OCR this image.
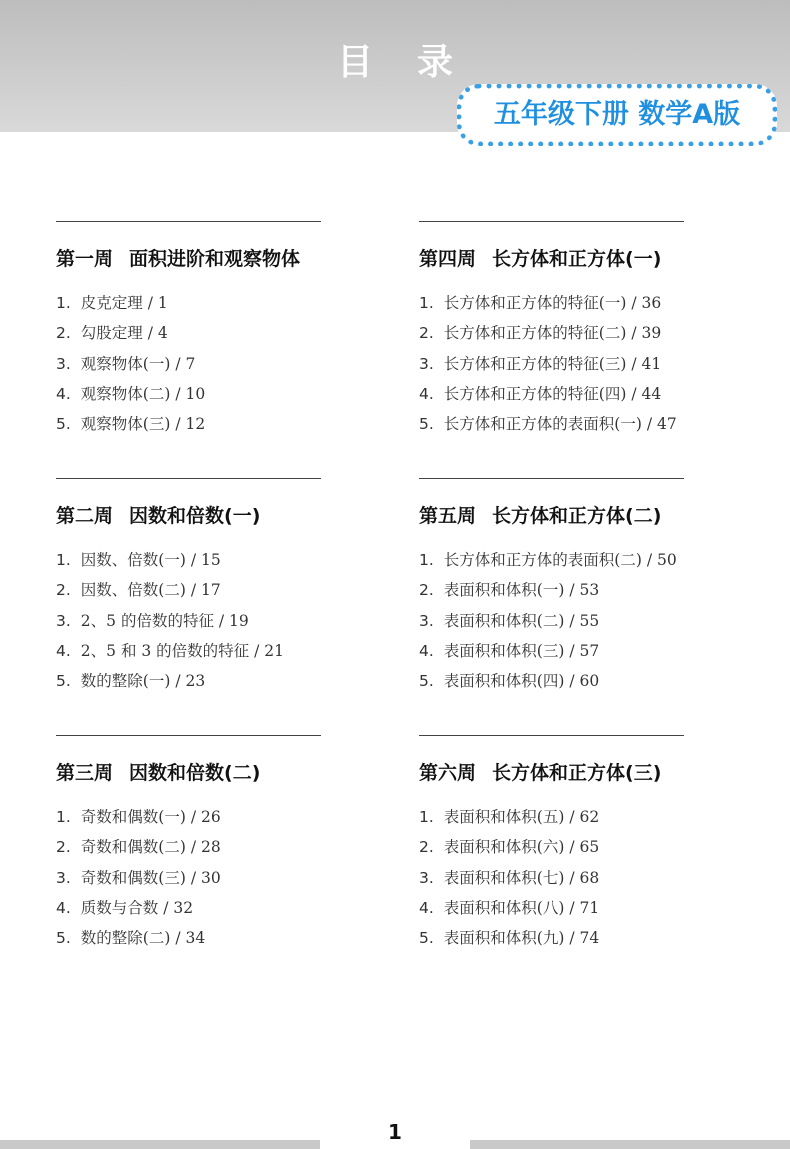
目录
五年级下册 数学A版
第一周 面积进阶和观察物体
1. 皮克定理 / 1
2. 勾股定理 / 4
3. 观察物体(一) / 7
4. 观察物体(二) / 10
5. 观察物体(三) / 12
第四周 长方体和正方体(一)
1. 长方体和正方体的特征(一) / 36
2. 长方体和正方体的特征(二) / 39
3. 长方体和正方体的特征(三) / 41
4. 长方体和正方体的特征(四) / 44
5. 长方体和正方体的表面积(一) / 47
第二周 因数和倍数(一)
1. 因数、倍数(一) / 15
2. 因数、倍数(二) / 17
3. 2、5 的倍数的特征 / 19
4. 2、5 和 3 的倍数的特征 / 21
5. 数的整除(一) / 23
第五周 长方体和正方体(二)
1. 长方体和正方体的表面积(二) / 50
2. 表面积和体积(一) / 53
3. 表面积和体积(二) / 55
4. 表面积和体积(三) / 57
5. 表面积和体积(四) / 60
第三周 因数和倍数(二)
1. 奇数和偶数(一) / 26
2. 奇数和偶数(二) / 28
3. 奇数和偶数(三) / 30
4. 质数与合数 / 32
5. 数的整除(二) / 34
第六周 长方体和正方体(三)
1. 表面积和体积(五) / 62
2. 表面积和体积(六) / 65
3. 表面积和体积(七) / 68
4. 表面积和体积(八) / 71
5. 表面积和体积(九) / 74
1
